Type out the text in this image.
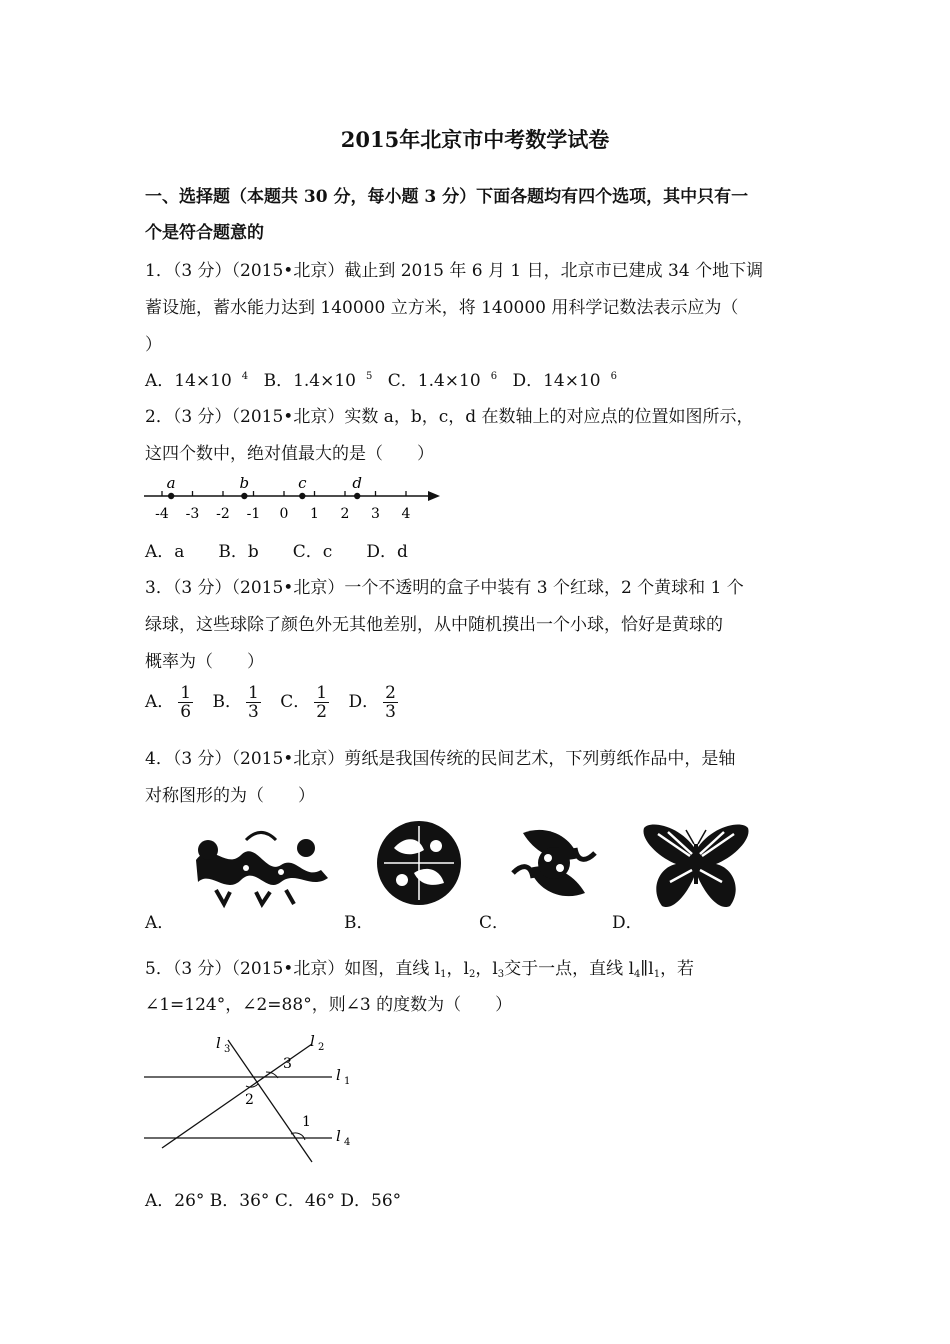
2015年北京市中考数学试卷
一、选择题（本题共 30 分，每小题 3 分）下面各题均有四个选项，其中只有一
个是符合题意的
1．（3 分）（2015•北京）截止到 2015 年 6 月 1 日，北京市已建成 34 个地下调
蓄设施，蓄水能力达到 140000 立方米，将 140000 用科学记数法表示应为（
）
A．14×10 $^4$ B．1.4×10 $^5$ C．1.4×10 $^6$ D．14×10 $^6$
2．（3 分）（2015•北京）实数 a，b，c，d 在数轴上的对应点的位置如图所示，
这四个数中，绝对值最大的是（　　）
-4 -3 -2 -1 0 1 2 3 4
a	b	c	d
A．a　　B．b　　C．c　　D．d
3．（3 分）（2015•北京）一个不透明的盒子中装有 3 个红球，2 个黄球和 1 个
绿球，这些球除了颜色外无其他差别，从中随机摸出一个小球，恰好是黄球的
概率为（　　）
A． $\frac{1}{6}$ B． $\frac{1}{3}$ C． $\frac{1}{2}$ D． $\frac{2}{3}$
4．（3 分）（2015•北京）剪纸是我国传统的民间艺术，下列剪纸作品中，是轴
对称图形的为（　　）
A．	B．	C．	D．
5．（3 分）（2015•北京）如图，直线 $l_1$，$l_2$，$l_3$交于一点，直线 $l_4\parallel l_1$，若
∠1=124°，∠2=88°，则∠3 的度数为（　　）
l 3	l 2
l 1
l 4
3
2
1
A．26° B．36° C．46° D．56°
